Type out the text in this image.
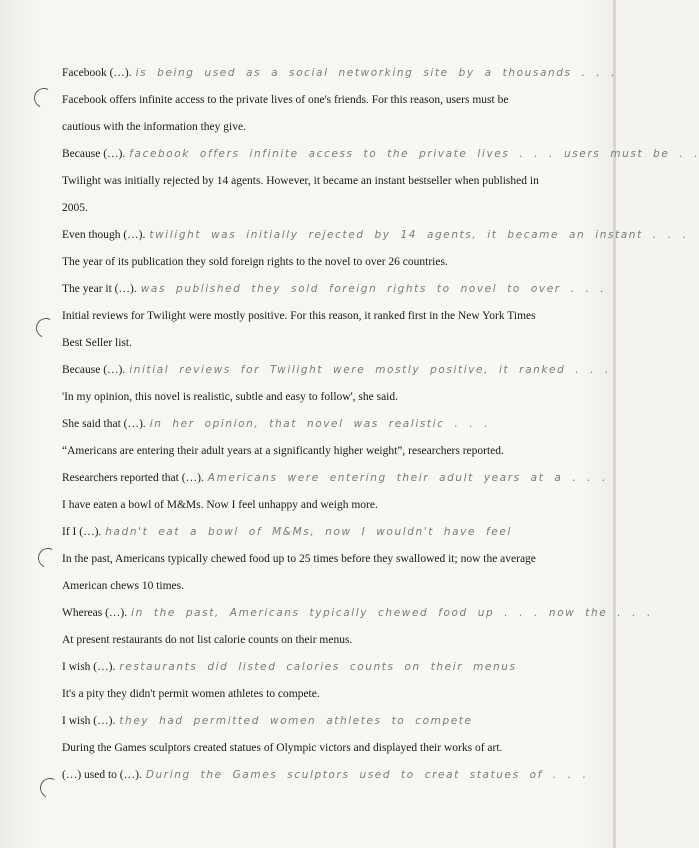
Facebook (…). is being used as a social networking site by a thousands . . .
Facebook offers infinite access to the private lives of one's friends. For this reason, users must be
cautious with the information they give.
Because (…). facebook offers infinite access to the private lives . . . users must be . .
Twilight was initially rejected by 14 agents. However, it became an instant bestseller when published in
2005.
Even though (…). twilight was initially rejected by 14 agents, it became an instant . . .
The year of its publication they sold foreign rights to the novel to over 26 countries.
The year it (…). was published they sold foreign rights to novel to over . . .
Initial reviews for Twilight were mostly positive. For this reason, it ranked first in the New York Times
Best Seller list.
Because (…). initial reviews for Twilight were mostly positive, it ranked . . .
'In my opinion, this novel is realistic, subtle and easy to follow', she said.
She said that (…). in her opinion, that novel was realistic . . .
“Americans are entering their adult years at a significantly higher weight”, researchers reported.
Researchers reported that (…). Americans were entering their adult years at a . . .
I have eaten a bowl of M&Ms. Now I feel unhappy and weigh more.
If I (…). hadn't eat a bowl of M&Ms, now I wouldn't have feel
In the past, Americans typically chewed food up to 25 times before they swallowed it; now the average
American chews 10 times.
Whereas (…). in the past, Americans typically chewed food up . . . now the . . .
At present restaurants do not list calorie counts on their menus.
I wish (…). restaurants did listed calories counts on their menus
It's a pity they didn't permit women athletes to compete.
I wish (…). they had permitted women athletes to compete
During the Games sculptors created statues of Olympic victors and displayed their works of art.
(…) used to (…). During the Games sculptors used to creat statues of . . .
